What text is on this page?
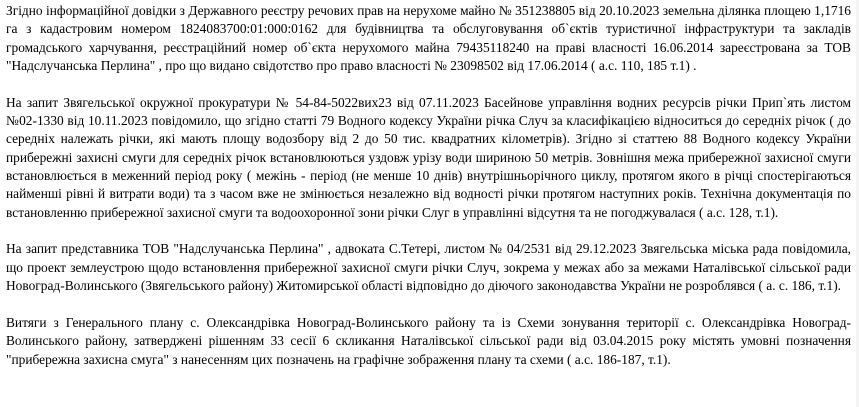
Згідно інформаційної довідки з Державного реєстру речових прав на нерухоме майно № 351238805 від 20.10.2023 земельна ділянка площею 1,1716 га з кадастровим номером 1824083700:01:000:0162 для будівництва та обслуговування об`єктів туристичної інфраструктури та закладів громадського харчування, реєстраційний номер об`єкта нерухомого майна 79435118240 на праві власності 16.06.2014 зареєстрована за ТОВ "Надслучанська Перлина" , про що видано свідотство про право власності № 23098502 від 17.06.2014 ( а.с. 110, 185 т.1) .

На запит Звягельської окружної прокуратури № 54-84-5022вих23 від 07.11.2023 Басейнове управління водних ресурсів річки Прип`ять листом №02-1330 від 10.11.2023 повідомило, що згідно статті 79 Водного кодексу України річка Случ за класифікацією відноситься до середніх річок ( до середніх належать річки, які мають площу водозбору від 2 до 50 тис. квадратних кілометрів). Згідно зі статтею 88 Водного кодексу України прибережні захисні смуги для середніх річок встановлюються уздовж урізу води шириною 50 метрів. Зовнішня межа прибережної захисної смуги встановлюється в меженний період року ( межінь - період (не менше 10 днів) внутрішньорічного циклу, протягом якого в річці спостерігаються найменші рівні й витрати води) та з часом вже не змінюється незалежно від водності річки протягом наступних років. Технічна документація по встановленню прибережної захисної смуги та водоохоронної зони річки Слуг в управлінні відсутня та не погоджувалася ( а.с. 128, т.1).

На запит представника ТОВ "Надслучанська Перлина" , адвоката С.Тетері, листом № 04/2531 від 29.12.2023 Звягельська міська рада повідомила, що проект землеустрою щодо встановлення прибережної захисної смуги річки Случ, зокрема у межах або за межами Наталівської сільської ради Новоград-Волинського (Звягельського району) Житомирської області відповідно до діючого законодавства України не розроблявся ( а. с. 186, т.1).

Витяги з Генерального плану с. Олександрівка Новоград-Волинського району та із Схеми зонування території с. Олександрівка Новоград-Волинського району, затверджені рішенням 33 сесії 6 скликання Наталівської сільської ради від 03.04.2015 року містять умовні позначення "прибережна захисна смуга" з нанесенням цих позначень на графічне зображення плану та схеми ( а.с. 186-187, т.1).
